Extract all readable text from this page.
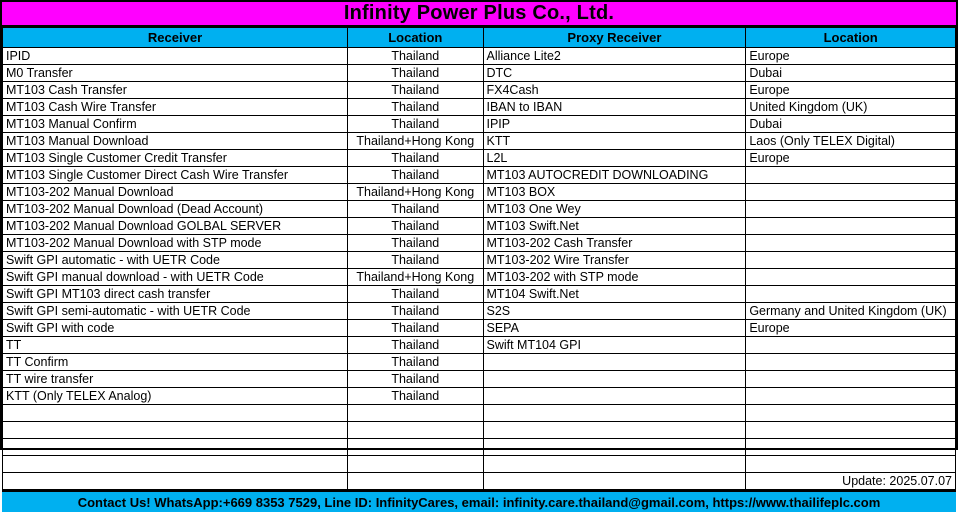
Infinity Power Plus Co., Ltd.
Receiver	Location	Proxy Receiver	Location
IPID	Thailand	Alliance Lite2	Europe
M0 Transfer	Thailand	DTC	Dubai
MT103 Cash Transfer	Thailand	FX4Cash	Europe
MT103 Cash Wire Transfer	Thailand	IBAN to IBAN	United Kingdom (UK)
MT103 Manual Confirm	Thailand	IPIP	Dubai
MT103 Manual Download	Thailand+Hong Kong	KTT	Laos (Only TELEX Digital)
MT103 Single Customer Credit Transfer	Thailand	L2L	Europe
MT103 Single Customer Direct Cash Wire Transfer	Thailand	MT103 AUTOCREDIT DOWNLOADING	
MT103-202 Manual Download	Thailand+Hong Kong	MT103 BOX	
MT103-202 Manual Download (Dead Account)	Thailand	MT103 One Wey	
MT103-202 Manual Download GOLBAL SERVER	Thailand	MT103 Swift.Net	
MT103-202 Manual Download with STP mode	Thailand	MT103-202 Cash Transfer	
Swift GPI automatic - with UETR Code	Thailand	MT103-202 Wire Transfer	
Swift GPI manual download - with UETR Code	Thailand+Hong Kong	MT103-202 with STP mode	
Swift GPI MT103 direct cash transfer	Thailand	MT104 Swift.Net	
Swift GPI semi-automatic - with UETR Code	Thailand	S2S	Germany and United Kingdom (UK)
Swift GPI with code	Thailand	SEPA	Europe
TT	Thailand	Swift MT104 GPI	
TT Confirm	Thailand		
TT wire transfer	Thailand		
KTT (Only TELEX Analog)	Thailand		

			Update: 2025.07.07
Contact Us! WhatsApp:+669 8353 7529, Line ID: InfinityCares, email: infinity.care.thailand@gmail.com, https://www.thailifeplc.com
